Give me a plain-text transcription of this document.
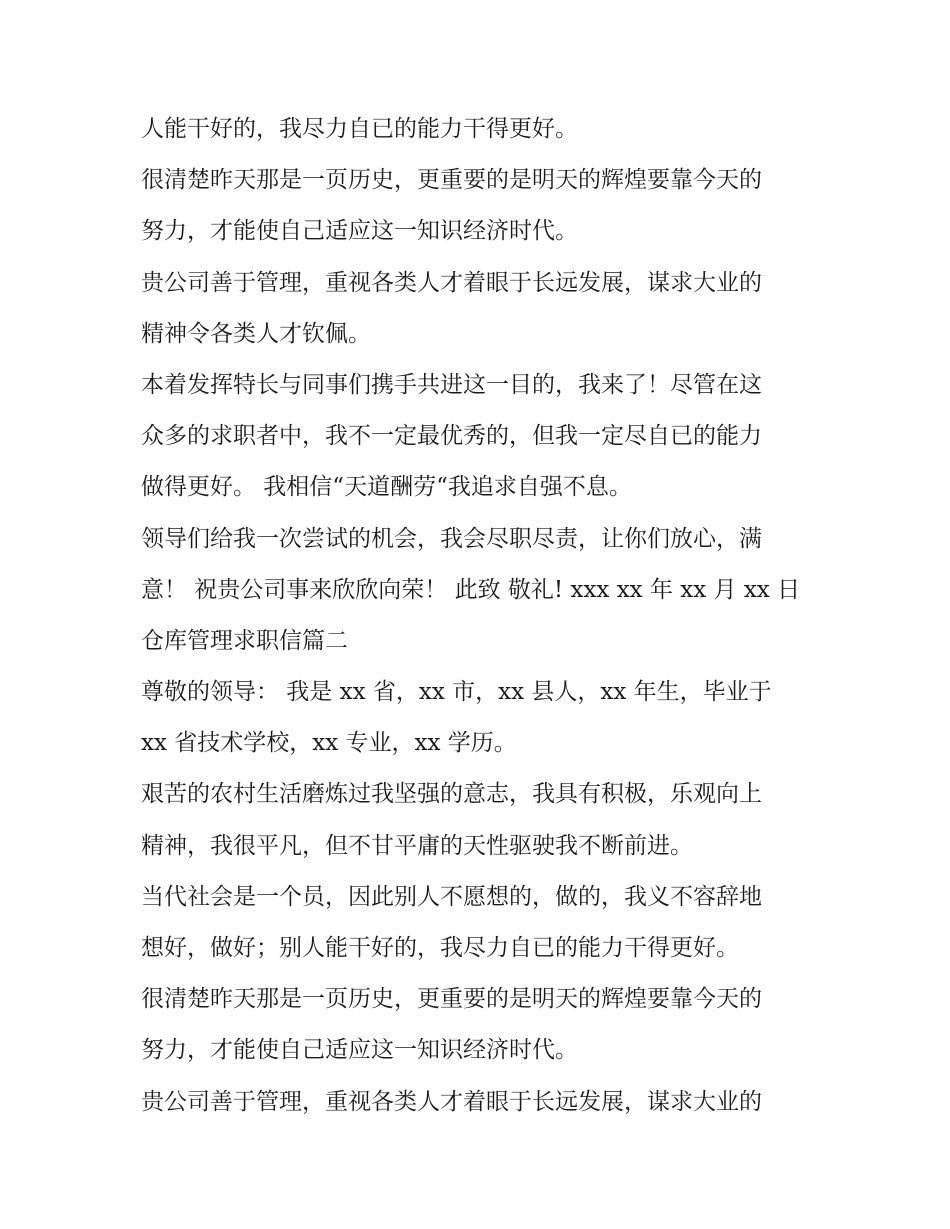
人能干好的，我尽力自已的能力干得更好。
很清楚昨天那是一页历史，更重要的是明天的辉煌要靠今天的
努力，才能使自己适应这一知识经济时代。
贵公司善于管理，重视各类人才着眼于长远发展，谋求大业的
精神令各类人才钦佩。
本着发挥特长与同事们携手共进这一目的，我来了！尽管在这
众多的求职者中，我不一定最优秀的，但我一定尽自已的能力
做得更好。 我相信“天道酬劳“我追求自强不息。
领导们给我一次尝试的机会，我会尽职尽责，让你们放心，满
意！ 祝贵公司事来欣欣向荣！ 此致 敬礼! xxx xx 年 xx 月 xx 日
仓库管理求职信篇二
尊敬的领导： 我是 xx 省，xx 市，xx 县人，xx 年生，毕业于
xx 省技术学校，xx 专业，xx 学历。
艰苦的农村生活磨炼过我坚强的意志，我具有积极，乐观向上
精神，我很平凡，但不甘平庸的天性驱驶我不断前进。
当代社会是一个员，因此别人不愿想的，做的，我义不容辞地
想好，做好；别人能干好的，我尽力自已的能力干得更好。
很清楚昨天那是一页历史，更重要的是明天的辉煌要靠今天的
努力，才能使自己适应这一知识经济时代。
贵公司善于管理，重视各类人才着眼于长远发展，谋求大业的
